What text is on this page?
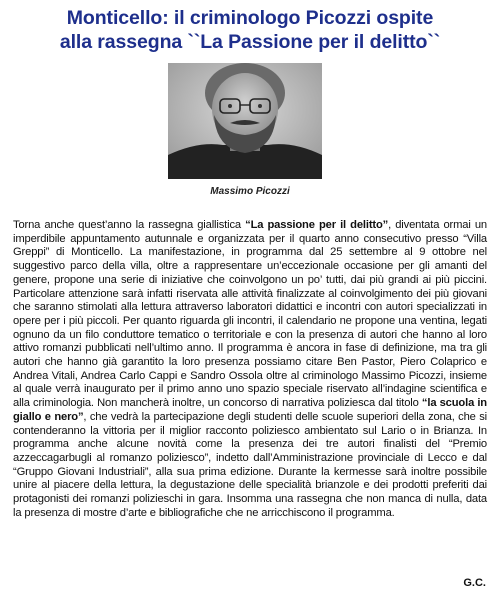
Monticello: il criminologo Picozzi ospite
alla rassegna ``La Passione per il delitto``
Massimo Picozzi
Torna anche quest’anno la rassegna giallistica “La passione per il delitto”, diventata ormai un imperdibile appuntamento autunnale e organizzata per il quarto anno consecutivo presso “Villa Greppi” di Monticello. La manifestazione, in programma dal 25 settembre al 9 ottobre nel suggestivo parco della villa, oltre a rappresentare un’eccezionale occasione per gli amanti del genere, propone una serie di iniziative che coinvolgono un po’ tutti, dai più grandi ai più piccini. Particolare attenzione sarà infatti riservata alle attività finalizzate al coinvolgimento dei più giovani che saranno stimolati alla lettura attraverso laboratori didattici e incontri con autori specializzati in opere per i più piccoli. Per quanto riguarda gli incontri, il calendario ne propone una ventina, legati ognuno da un filo conduttore tematico o territoriale e con la presenza di autori che hanno al loro attivo romanzi pubblicati nell’ultimo anno. Il programma è ancora in fase di definizione, ma tra gli autori che hanno già garantito la loro presenza possiamo citare Ben Pastor, Piero Colaprico e Andrea Vitali, Andrea Carlo Cappi e Sandro Ossola oltre al criminologo Massimo Picozzi, insieme al quale verrà inaugurato per il primo anno uno spazio speciale riservato all’indagine scientifica e alla criminologia. Non mancherà inoltre, un concorso di narrativa poliziesca dal titolo “la scuola in giallo e nero”, che vedrà la partecipazione degli studenti delle scuole superiori della zona, che si contenderanno la vittoria per il miglior racconto poliziesco ambientato sul Lario o in Brianza. In programma anche alcune novità come la presenza dei tre autori finalisti del “Premio azzeccagarbugli al romanzo poliziesco”, indetto dall’Amministrazione provinciale di Lecco e dal “Gruppo Giovani Industriali”, alla sua prima edizione. Durante la kermesse sarà inoltre possibile unire al piacere della lettura, la degustazione delle specialità brianzole e dei prodotti preferiti dai protagonisti dei romanzi polizieschi in gara. Insomma una rassegna che non manca di nulla, data la presenza di mostre d’arte e bibliografiche che ne arricchiscono il programma.
G.C.
